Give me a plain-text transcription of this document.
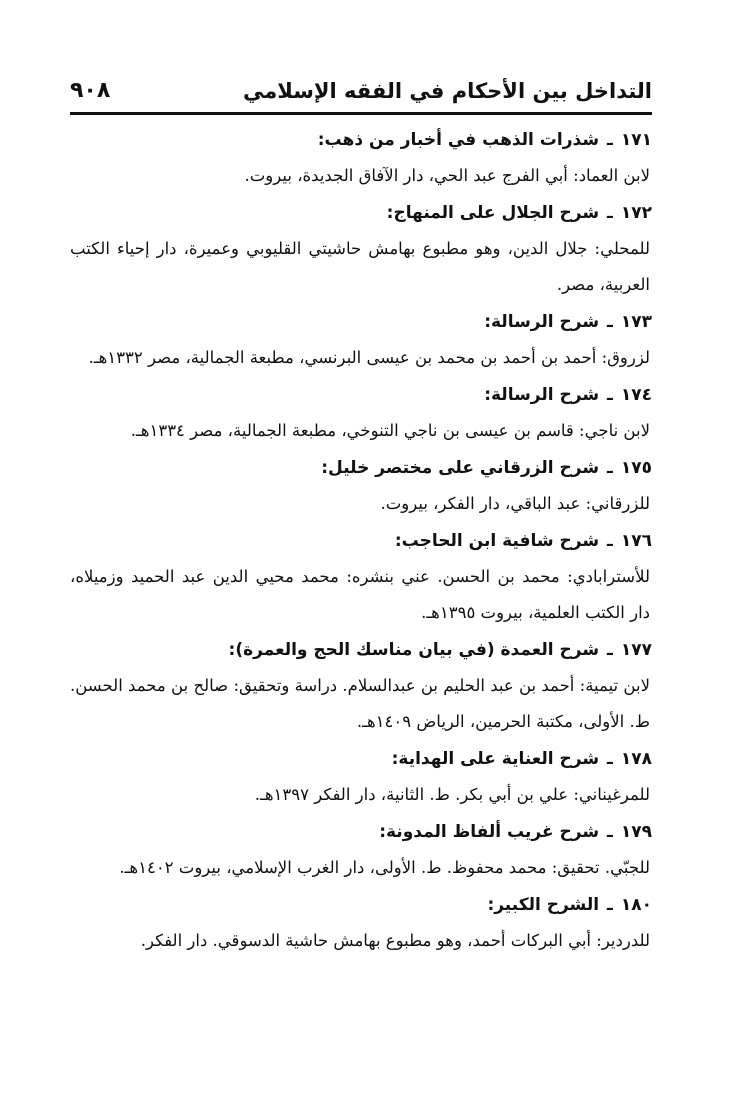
التداخل بين الأحكام في الفقه الإسلامي
٩٠٨
١٧١ـشذرات الذهب في أخبار من ذهب:
لابن العماد: أبي الفرج عبد الحي، دار الآفاق الجديدة، بيروت.
١٧٢ـشرح الجلال على المنهاج:
للمحلي: جلال الدين، وهو مطبوع بهامش حاشيتي القليوبي وعميرة، دار إحياء الكتب العربية، مصر.
١٧٣ـشرح الرسالة:
لزروق: أحمد بن أحمد بن محمد بن عيسى البرنسي، مطبعة الجمالية، مصر ١٣٣٢هـ.
١٧٤ـشرح الرسالة:
لابن ناجي: قاسم بن عيسى بن ناجي التنوخي، مطبعة الجمالية، مصر ١٣٣٤هـ.
١٧٥ـشرح الزرقاني على مختصر خليل:
للزرقاني: عبد الباقي، دار الفكر، بيروت.
١٧٦ـشرح شافية ابن الحاجب:
للأسترابادي: محمد بن الحسن. عني بنشره: محمد محيي الدين عبد الحميد وزميلاه، دار الكتب العلمية، بيروت ١٣٩٥هـ.
١٧٧ـشرح العمدة (في بيان مناسك الحج والعمرة):
لابن تيمية: أحمد بن عبد الحليم بن عبدالسلام. دراسة وتحقيق: صالح بن محمد الحسن. ط. الأولى، مكتبة الحرمين، الرياض ١٤٠٩هـ.
١٧٨ـشرح العناية على الهداية:
للمرغيناني: علي بن أبي بكر. ط. الثانية، دار الفكر ١٣٩٧هـ.
١٧٩ـشرح غريب ألفاظ المدونة:
للجبّي. تحقيق: محمد محفوظ. ط. الأولى، دار الغرب الإسلامي، بيروت ١٤٠٢هـ.
١٨٠ـالشرح الكبير:
للدردير: أبي البركات أحمد، وهو مطبوع بهامش حاشية الدسوقي. دار الفكر.
